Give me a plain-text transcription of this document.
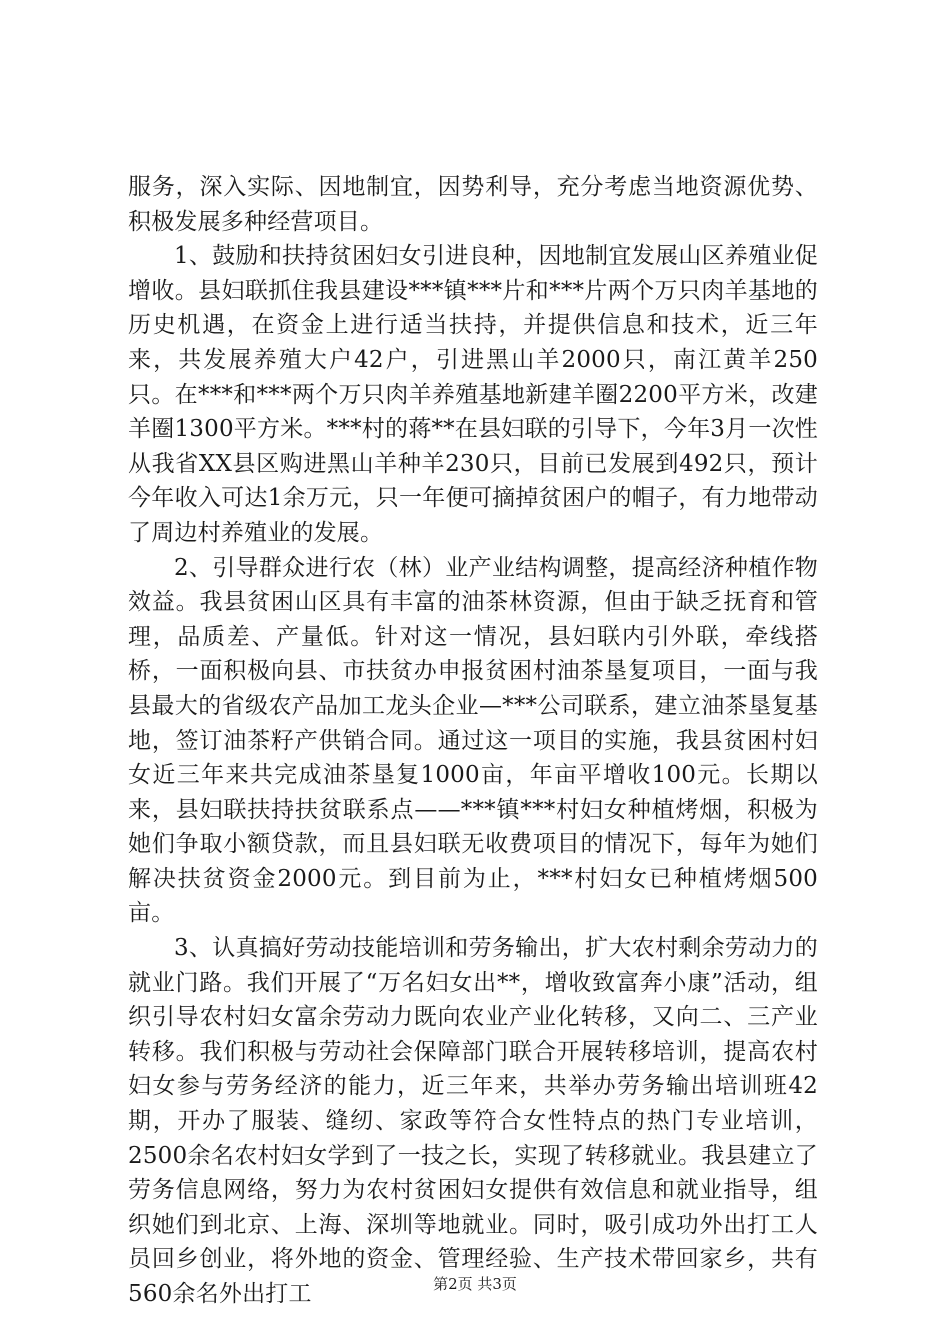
服务，深入实际、因地制宜，因势利导，充分考虑当地资源优势、积极发展多种经营项目。

1、鼓励和扶持贫困妇女引进良种，因地制宜发展山区养殖业促增收。县妇联抓住我县建设***镇***片和***片两个万只肉羊基地的历史机遇，在资金上进行适当扶持，并提供信息和技术，近三年来，共发展养殖大户42户，引进黑山羊2000只，南江黄羊250只。在***和***两个万只肉羊养殖基地新建羊圈2200平方米，改建羊圈1300平方米。***村的蒋**在县妇联的引导下，今年3月一次性从我省XX县区购进黑山羊种羊230只，目前已发展到492只，预计今年收入可达1余万元，只一年便可摘掉贫困户的帽子，有力地带动了周边村养殖业的发展。

2、引导群众进行农（林）业产业结构调整，提高经济种植作物效益。我县贫困山区具有丰富的油茶林资源，但由于缺乏抚育和管理，品质差、产量低。针对这一情况，县妇联内引外联，牵线搭桥，一面积极向县、市扶贫办申报贫困村油茶垦复项目，一面与我县最大的省级农产品加工龙头企业—***公司联系，建立油茶垦复基地，签订油茶籽产供销合同。通过这一项目的实施，我县贫困村妇女近三年来共完成油茶垦复1000亩，年亩平增收100元。长期以来，县妇联扶持扶贫联系点——***镇***村妇女种植烤烟，积极为她们争取小额贷款，而且县妇联无收费项目的情况下，每年为她们解决扶贫资金2000元。到目前为止，***村妇女已种植烤烟500亩。

3、认真搞好劳动技能培训和劳务输出，扩大农村剩余劳动力的就业门路。我们开展了“万名妇女出**，增收致富奔小康”活动，组织引导农村妇女富余劳动力既向农业产业化转移，又向二、三产业转移。我们积极与劳动社会保障部门联合开展转移培训，提高农村妇女参与劳务经济的能力，近三年来，共举办劳务输出培训班42期，开办了服装、缝纫、家政等符合女性特点的热门专业培训，2500余名农村妇女学到了一技之长，实现了转移就业。我县建立了劳务信息网络，努力为农村贫困妇女提供有效信息和就业指导，组织她们到北京、上海、深圳等地就业。同时，吸引成功外出打工人员回乡创业，将外地的资金、管理经验、生产技术带回家乡，共有560余名外出打工	第2页 共3页
